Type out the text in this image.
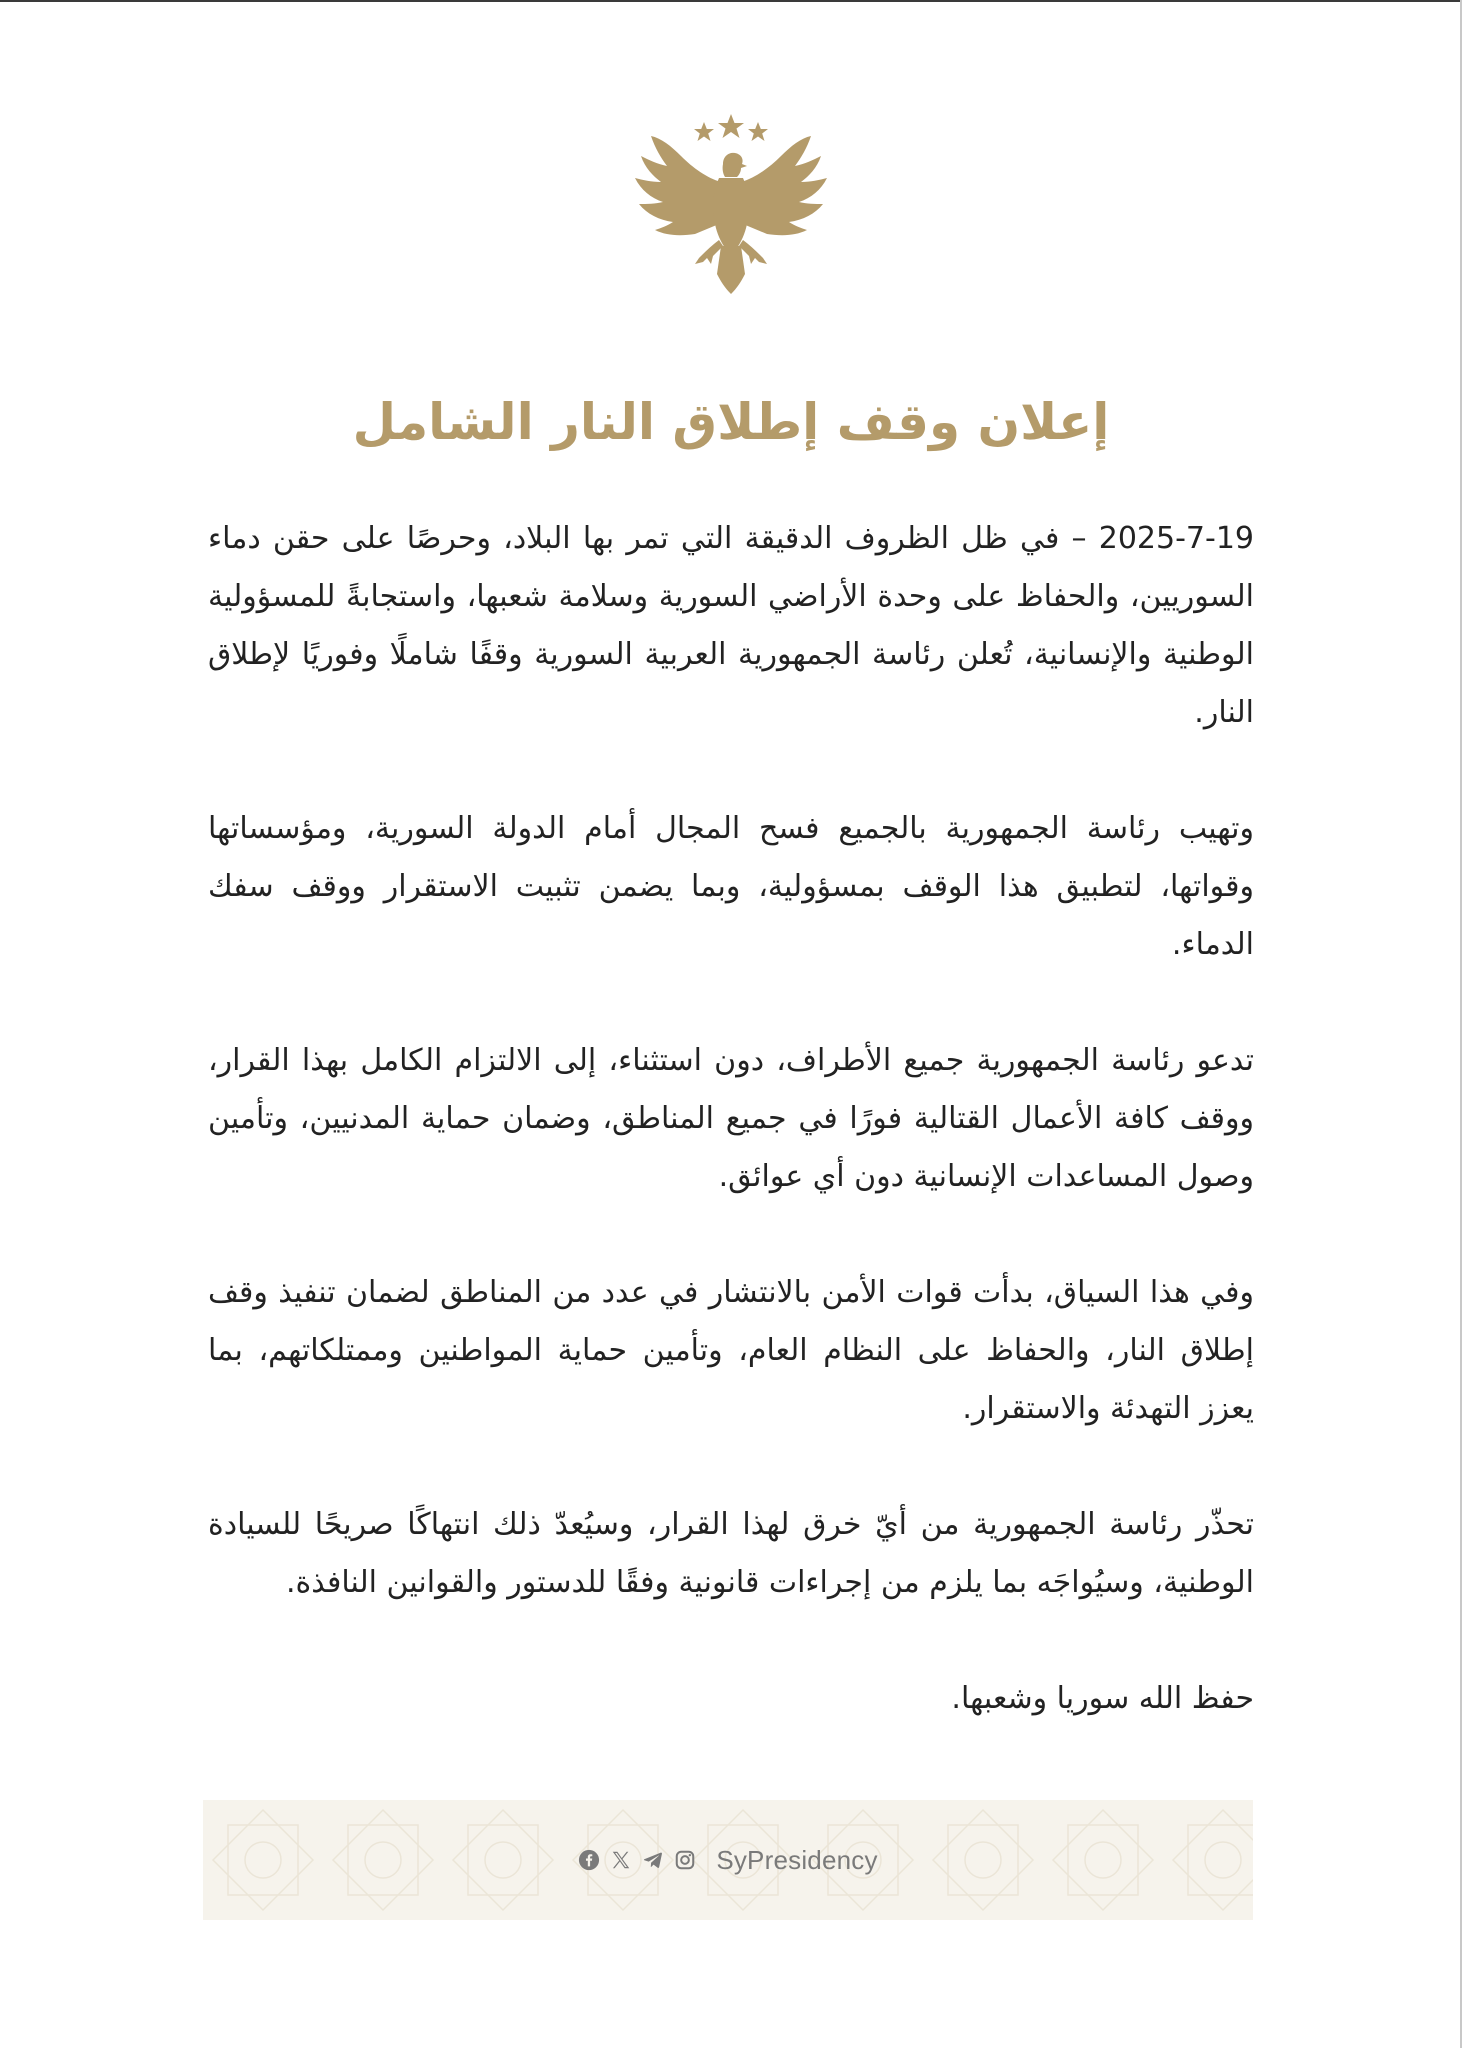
إعلان وقف إطلاق النار الشامل

2025-7-19 – في ظل الظروف الدقيقة التي تمر بها البلاد، وحرصًا على حقن دماء السوريين، والحفاظ على وحدة الأراضي السورية وسلامة شعبها، واستجابةً للمسؤولية الوطنية والإنسانية، تُعلن رئاسة الجمهورية العربية السورية وقفًا شاملًا وفوريًا لإطلاق النار.

وتهيب رئاسة الجمهورية بالجميع فسح المجال أمام الدولة السورية، ومؤسساتها وقواتها، لتطبيق هذا الوقف بمسؤولية، وبما يضمن تثبيت الاستقرار ووقف سفك الدماء.

تدعو رئاسة الجمهورية جميع الأطراف، دون استثناء، إلى الالتزام الكامل بهذا القرار، ووقف كافة الأعمال القتالية فورًا في جميع المناطق، وضمان حماية المدنيين، وتأمين وصول المساعدات الإنسانية دون أي عوائق.

وفي هذا السياق، بدأت قوات الأمن بالانتشار في عدد من المناطق لضمان تنفيذ وقف إطلاق النار، والحفاظ على النظام العام، وتأمين حماية المواطنين وممتلكاتهم، بما يعزز التهدئة والاستقرار.

تحذّر رئاسة الجمهورية من أيّ خرق لهذا القرار، وسيُعدّ ذلك انتهاكًا صريحًا للسيادة الوطنية، وسيُواجَه بما يلزم من إجراءات قانونية وفقًا للدستور والقوانين النافذة.

حفظ الله سوريا وشعبها.

SyPresidency
